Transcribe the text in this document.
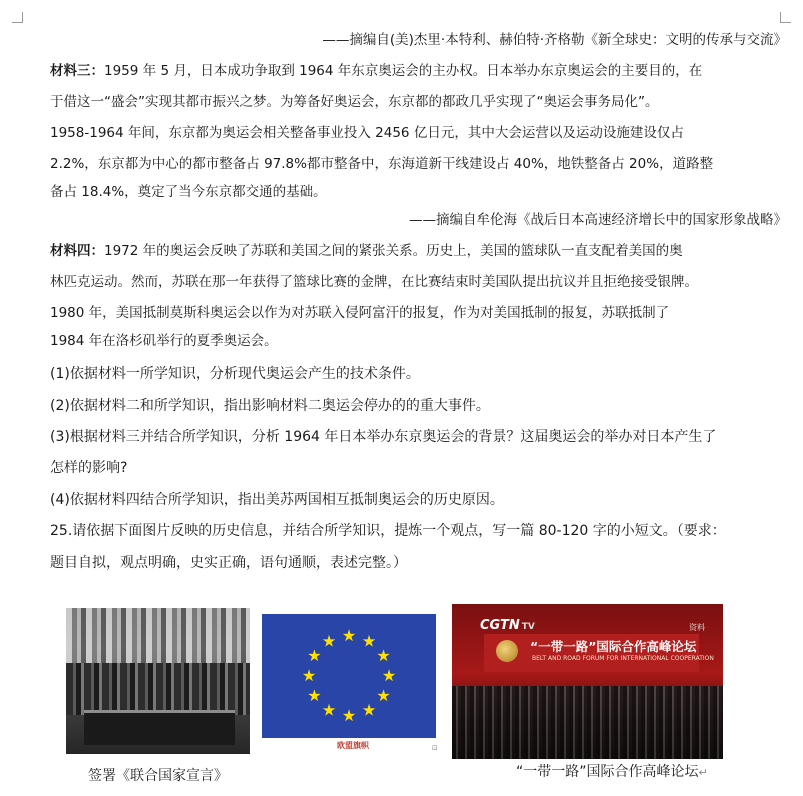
——摘编自(美)杰里·本特利、赫伯特·齐格勒《新全球史：文明的传承与交流》
材料三：1959 年 5 月，日本成功争取到 1964 年东京奥运会的主办权。日本举办东京奥运会的主要目的，在
于借这一“盛会”实现其都市振兴之梦。为筹备好奥运会，东京都的都政几乎实现了“奥运会事务局化”。
1958-1964 年间，东京都为奥运会相关整备事业投入 2456 亿日元，其中大会运营以及运动设施建设仅占
2.2%，东京都为中心的都市整备占 97.8%都市整备中，东海道新干线建设占 40%，地铁整备占 20%，道路整
备占 18.4%，奠定了当今东京都交通的基础。
——摘编自牟伦海《战后日本高速经济增长中的国家形象战略》
材料四：1972 年的奥运会反映了苏联和美国之间的紧张关系。历史上，美国的篮球队一直支配着美国的奥
林匹克运动。然而，苏联在那一年获得了篮球比赛的金牌，在比赛结束时美国队提出抗议并且拒绝接受银牌。
1980 年，美国抵制莫斯科奥运会以作为对苏联入侵阿富汗的报复，作为对美国抵制的报复，苏联抵制了
1984 年在洛杉矶举行的夏季奥运会。
(1)依据材料一所学知识，分析现代奥运会产生的技术条件。
(2)依据材料二和所学知识，指出影响材料二奥运会停办的的重大事件。
(3)根据材料三并结合所学知识，分析 1964 年日本举办东京奥运会的背景？这届奥运会的举办对日本产生了
怎样的影响?
(4)依据材料四结合所学知识，指出美苏两国相互抵制奥运会的历史原因。
25.请依据下面图片反映的历史信息，并结合所学知识，提炼一个观点，写一篇 80-120 字的小短文。（要求：
题目自拟，观点明确，史实正确，语句通顺，表述完整。）
★ ★
★
★
★
★
★
★
★
★
★
★
欧盟旗帜	⊡
CGTN TV	资料
“一带一路”国际合作高峰论坛
BELT AND ROAD FORUM FOR INTERNATIONAL COOPERATION
签署《联合国家宣言》	“一带一路”国际合作高峰论坛↵
